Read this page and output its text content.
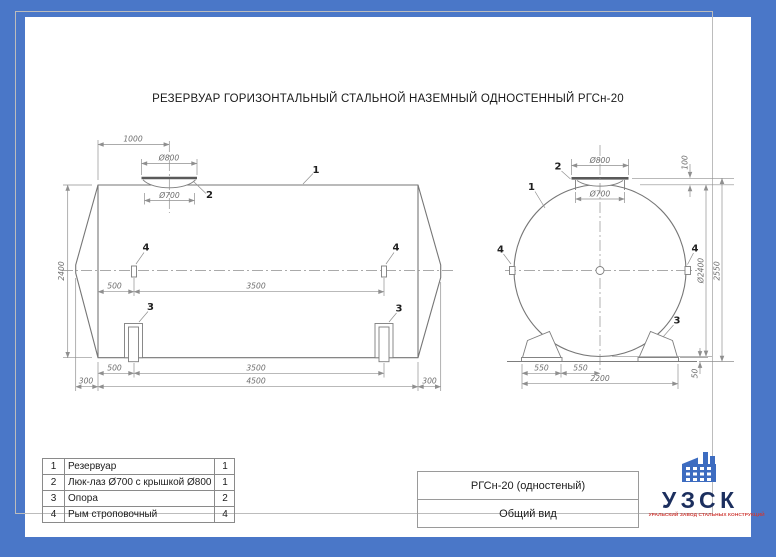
РЕЗЕРВУАР ГОРИЗОНТАЛЬНЫЙ СТАЛЬНОЙ НАЗЕМНЫЙ ОДНОСТЕННЫЙ РГСн-20
1000
Ø800
Ø700
2400
500	3500
500	3500
300	4500	300
1
2
4	4
3	3
Ø800
Ø700
100
Ø2400 2550
50
550	550
2200
1
2
4	4
3
1	Резервуар	1
2	Люк-лаз Ø700 с крышкой Ø800	1
3	Опора	2
4	Рым строповочный	4
РГСн-20 (одностеный)
Общий вид
УЗСК
УРАЛЬСКИЙ ЗАВОД СТАЛЬНЫХ КОНСТРУКЦИЙ
